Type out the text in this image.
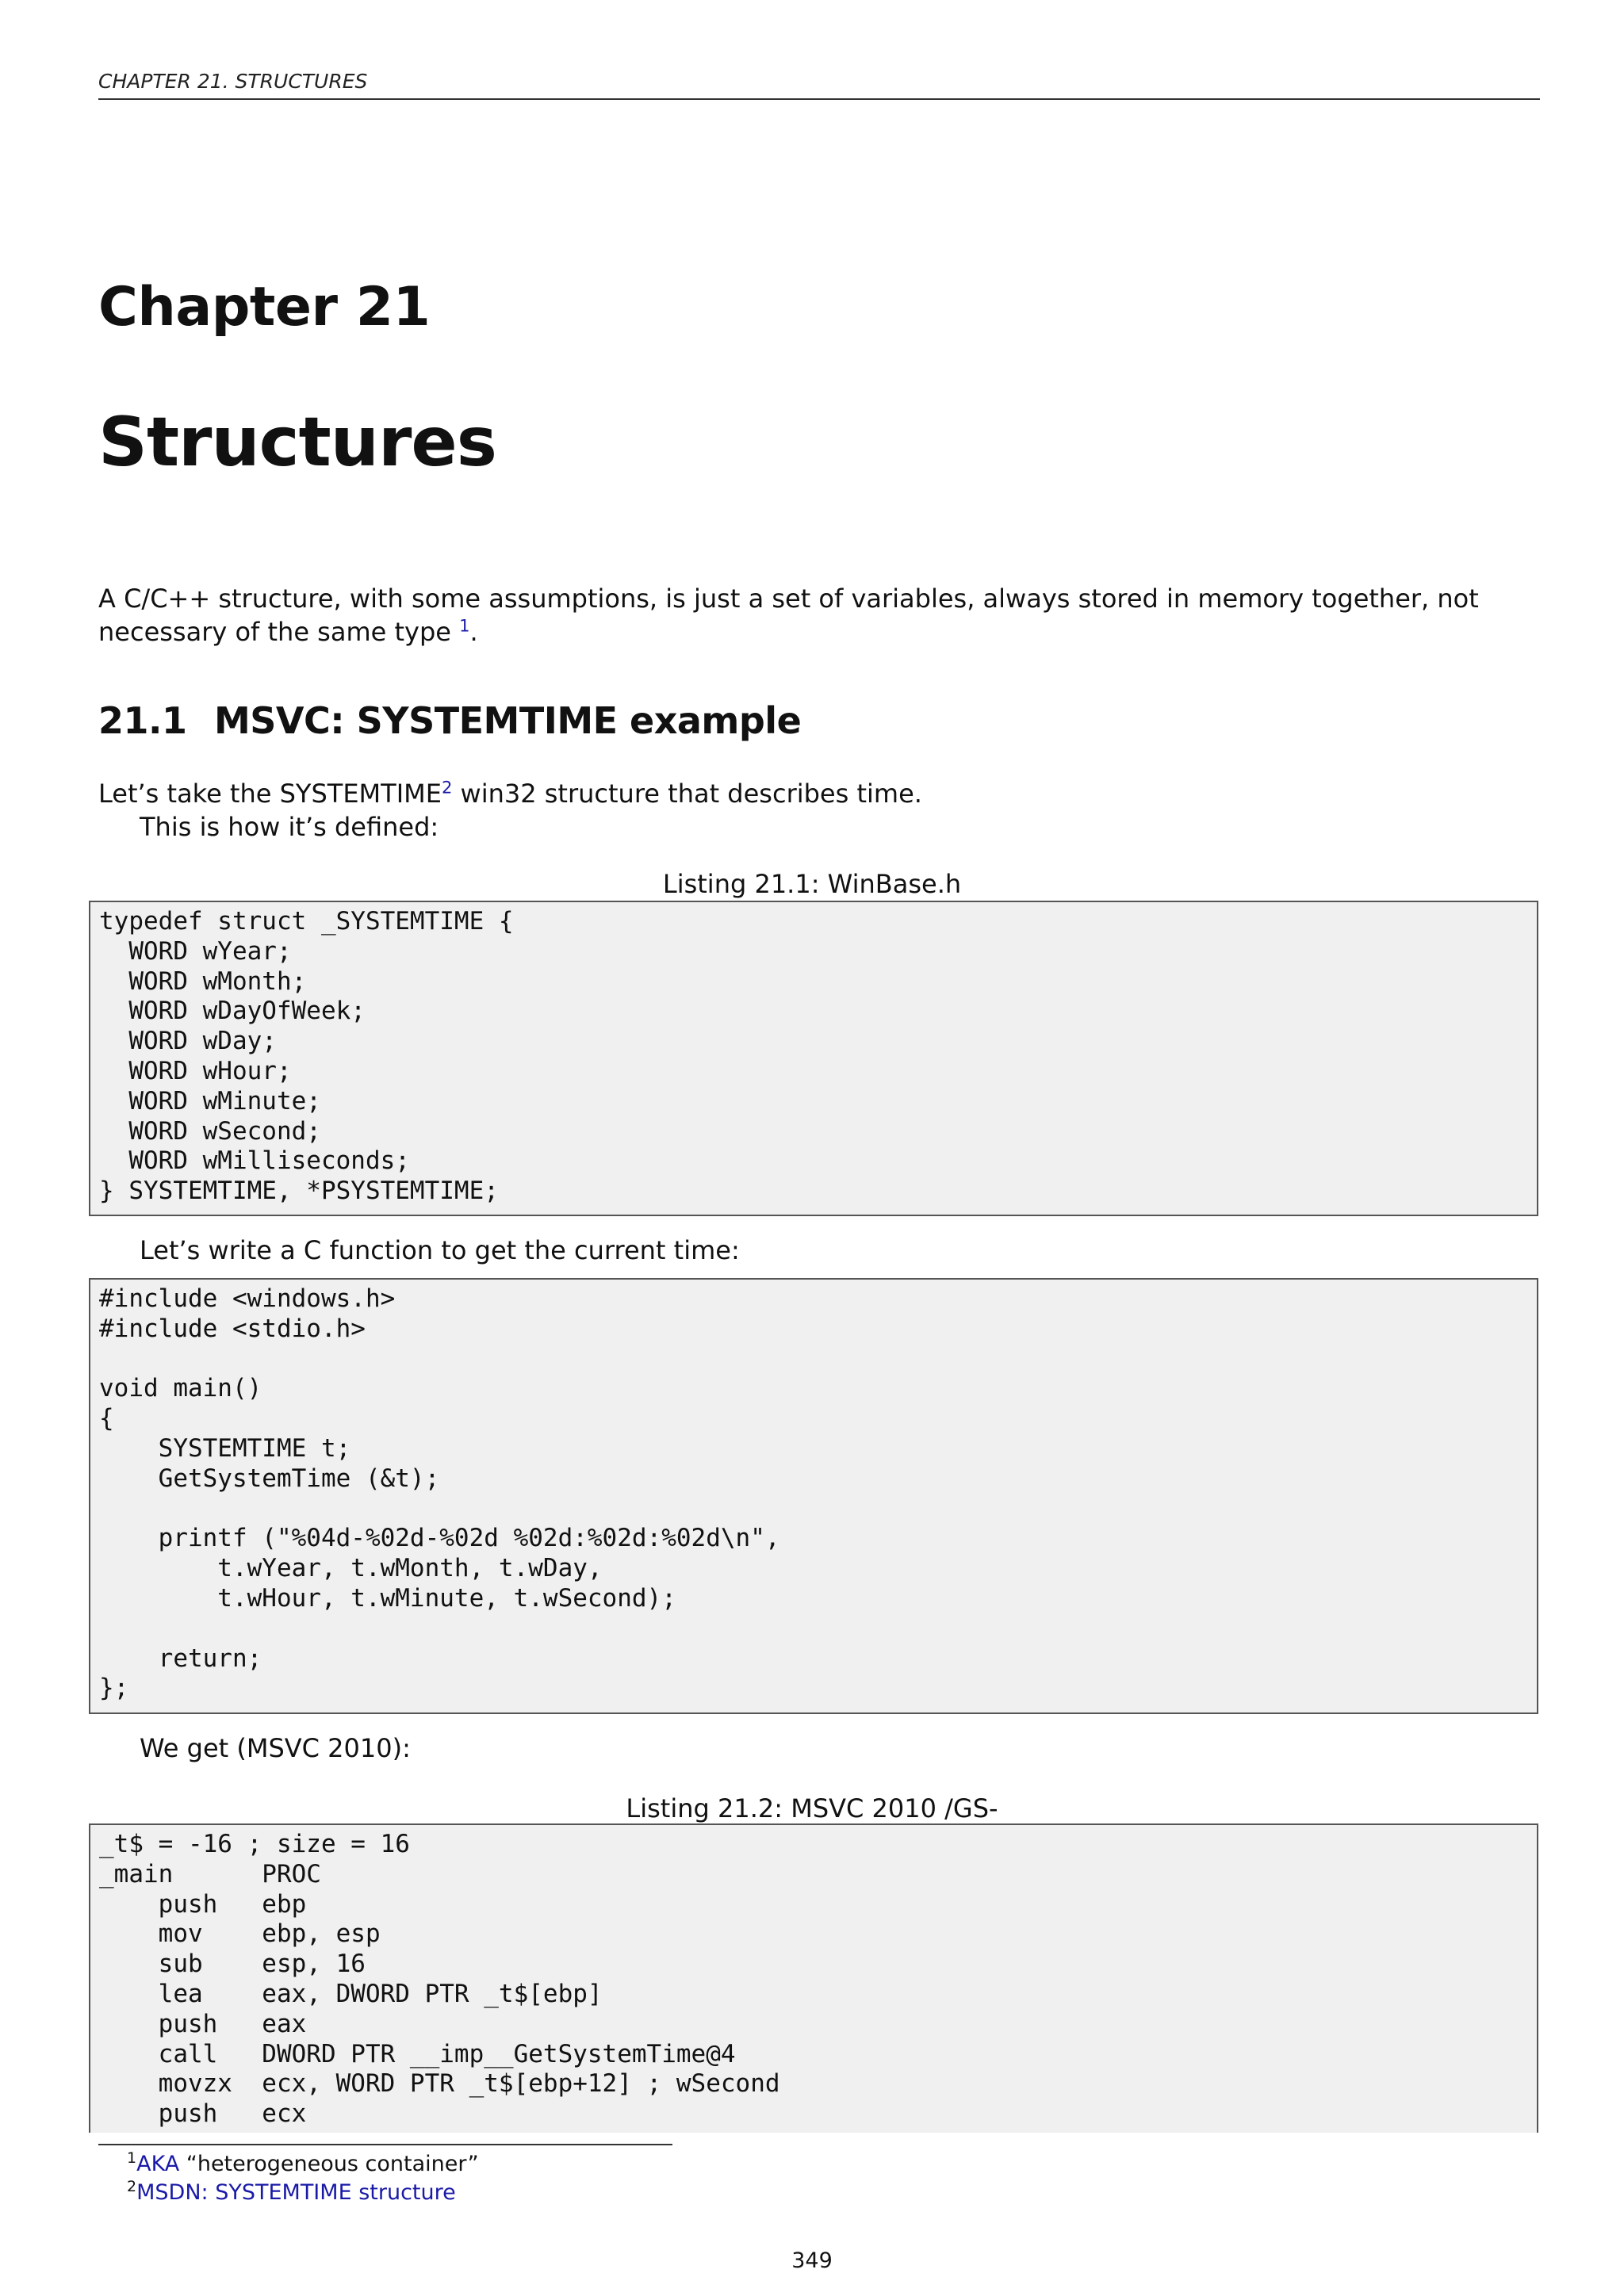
CHAPTER 21. STRUCTURES
Chapter 21
Structures
A C/C++ structure, with some assumptions, is just a set of variables, always stored in memory together, not necessary of the same type $^1$.
21.1 MSVC: SYSTEMTIME example
Let’s take the SYSTEMTIME$^2$ win32 structure that describes time.
This is how it’s defined:
Listing 21.1: WinBase.h
typedef struct _SYSTEMTIME {
WORD wYear;
WORD wMonth;
WORD wDayOfWeek;
WORD wDay;
WORD wHour;
WORD wMinute;
WORD wSecond;
WORD wMilliseconds;
} SYSTEMTIME, *PSYSTEMTIME;
Let’s write a C function to get the current time:
#include <windows.h>
#include <stdio.h>

void main()
{
SYSTEMTIME t;
GetSystemTime (&t);

printf ("%04d-%02d-%02d %02d:%02d:%02d\n",
t.wYear, t.wMonth, t.wDay,
t.wHour, t.wMinute, t.wSecond);

return;
};
We get (MSVC 2010):
Listing 21.2: MSVC 2010 /GS-
_t$ = -16 ; size = 16
_main      PROC
push   ebp
mov    ebp, esp
sub    esp, 16
lea    eax, DWORD PTR _t$[ebp]
push   eax
call   DWORD PTR __imp__GetSystemTime@4
movzx  ecx, WORD PTR _t$[ebp+12] ; wSecond
push   ecx
$^1$AKA “heterogeneous container”
$^2$MSDN: SYSTEMTIME structure
349
